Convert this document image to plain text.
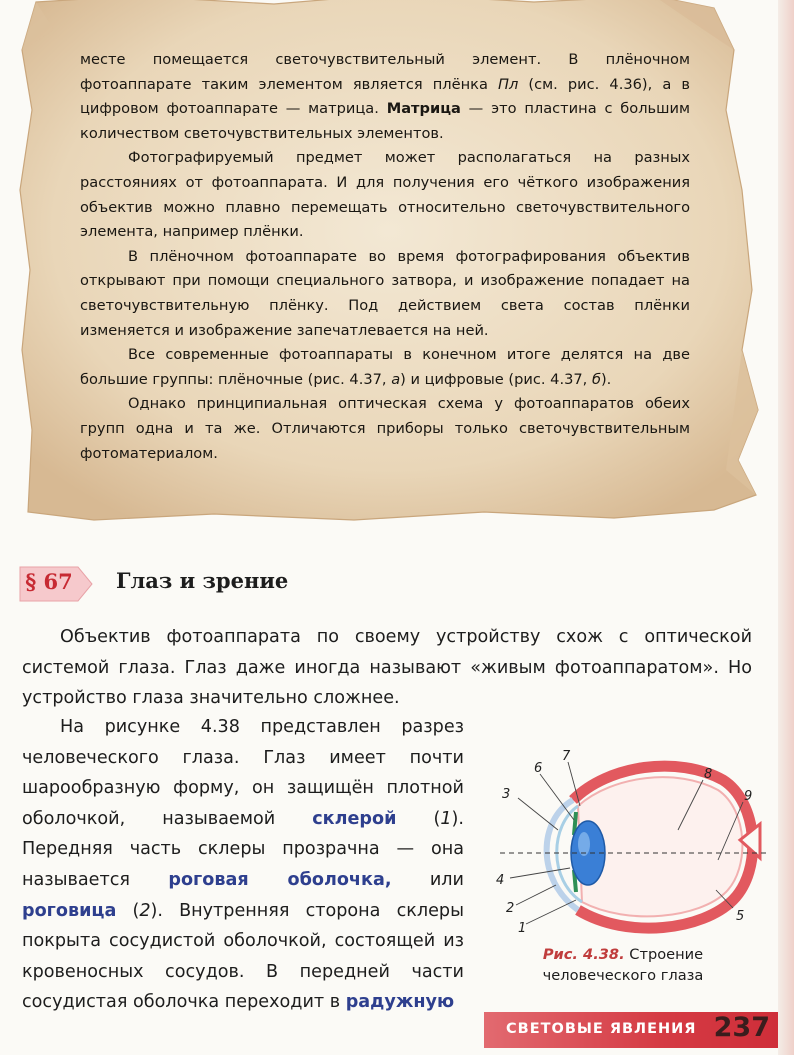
месте помещается светочувствительный элемент. В плёночном фотоаппарате таким элементом является плёнка Пл (см. рис. 4.36), а в цифровом фотоаппарате — матрица. Матрица — это пластина с большим количеством светочувствительных элементов.

Фотографируемый предмет может располагаться на разных расстояниях от фотоаппарата. И для получения его чёткого изображения объектив можно плавно перемещать относительно светочувствительного элемента, например плёнки.

В плёночном фотоаппарате во время фотографирования объектив открывают при помощи специального затвора, и изображение попадает на светочувствительную плёнку. Под действием света состав плёнки изменяется и изображение запечатлевается на ней.

Все современные фотоаппараты в конечном итоге делятся на две большие группы: плёночные (рис. 4.37, а) и цифровые (рис. 4.37, б).

Однако принципиальная оптическая схема у фотоаппаратов обеих групп одна и та же. Отличаются приборы только светочувствительным фотоматериалом.

§ 67	Глаз и зрение

Объектив фотоаппарата по своему устройству схож с оптической системой глаза. Глаз даже иногда называют «живым фотоаппаратом». Но устройство глаза значительно сложнее.

На рисунке 4.38 представлен разрез человеческого глаза. Глаз имеет почти шарообразную форму, он защищён плотной оболочкой, называемой склерой (1). Передняя часть склеры прозрачна — она называется роговая оболочка, или роговица (2). Внутренняя сторона склеры покрыта сосудистой оболочкой, состоящей из кровеносных сосудов. В передней части сосудистая оболочка переходит в радужную

1
2
3
4
5
6
7
8
9
Рис. 4.38. Строение человеческого глаза
СВЕТОВЫЕ ЯВЛЕНИЯ 237
